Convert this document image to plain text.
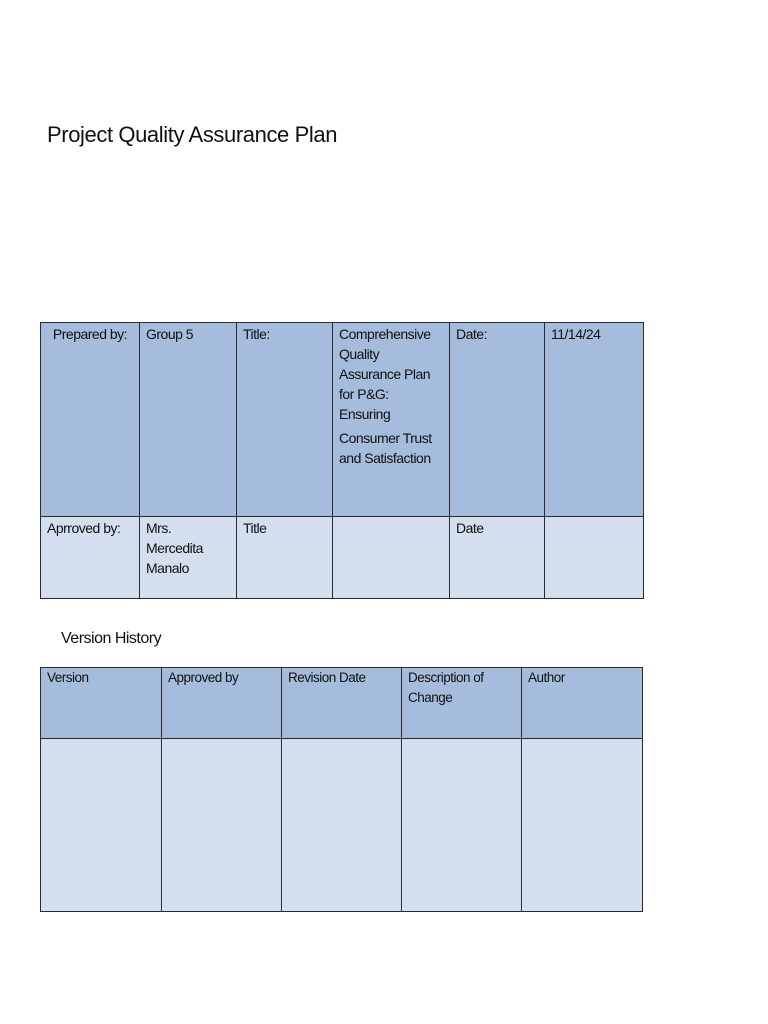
Project Quality Assurance Plan
Prepared by:	Group 5	Title:	Comprehensive Quality Assurance Plan for P&G: Ensuring
Consumer Trust and Satisfaction	Date:	11/14/24
Aprroved by:	Mrs. Mercedita Manalo	Title		Date	
Version History
Version	Approved by	Revision Date	Description of Change	Author
